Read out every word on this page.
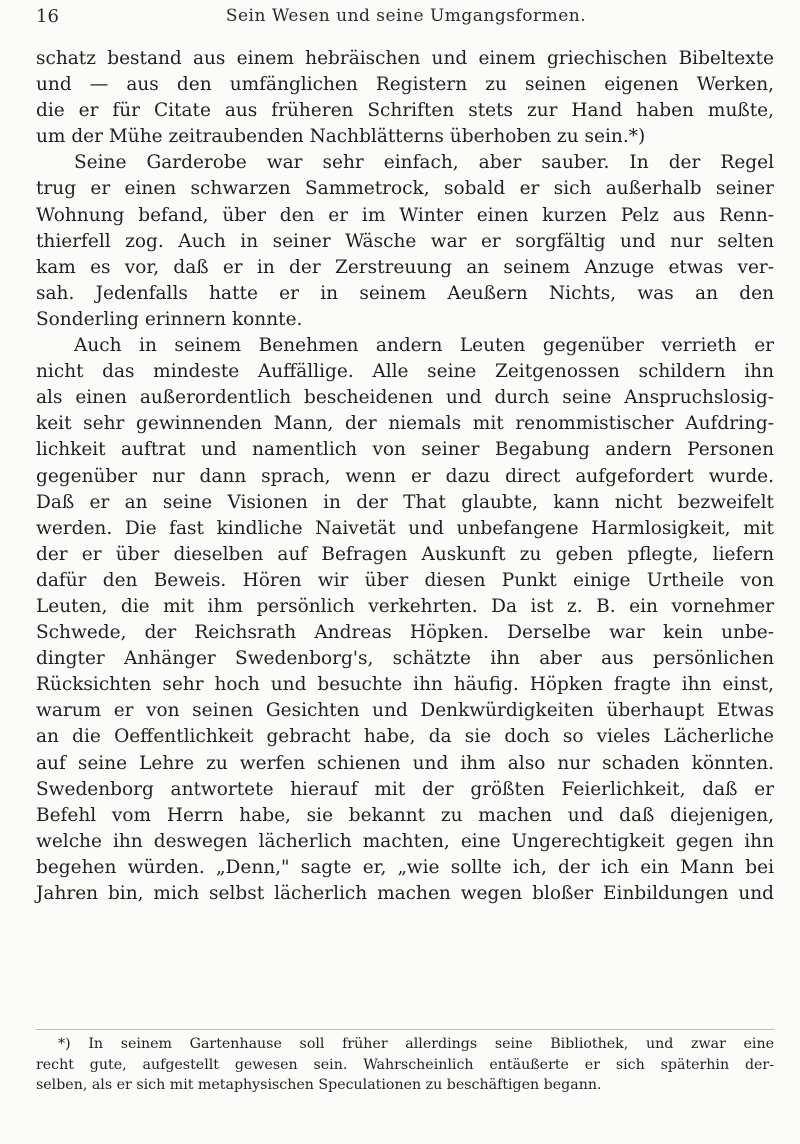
16	Sein Wesen und seine Umgangsformen.
schatz bestand aus einem hebräischen und einem griechischen Bibeltexte
und — aus den umfänglichen Registern zu seinen eigenen Werken,
die er für Citate aus früheren Schriften stets zur Hand haben mußte,
um der Mühe zeitraubenden Nachblätterns überhoben zu sein.*)
Seine Garderobe war sehr einfach, aber sauber. In der Regel
trug er einen schwarzen Sammetrock, sobald er sich außerhalb seiner
Wohnung befand, über den er im Winter einen kurzen Pelz aus Renn-
thierfell zog. Auch in seiner Wäsche war er sorgfältig und nur selten
kam es vor, daß er in der Zerstreuung an seinem Anzuge etwas ver-
sah. Jedenfalls hatte er in seinem Aeußern Nichts, was an den
Sonderling erinnern konnte.
Auch in seinem Benehmen andern Leuten gegenüber verrieth er
nicht das mindeste Auffällige. Alle seine Zeitgenossen schildern ihn
als einen außerordentlich bescheidenen und durch seine Anspruchslosig-
keit sehr gewinnenden Mann, der niemals mit renommistischer Aufdring-
lichkeit auftrat und namentlich von seiner Begabung andern Personen
gegenüber nur dann sprach, wenn er dazu direct aufgefordert wurde.
Daß er an seine Visionen in der That glaubte, kann nicht bezweifelt
werden. Die fast kindliche Naivetät und unbefangene Harmlosigkeit, mit
der er über dieselben auf Befragen Auskunft zu geben pflegte, liefern
dafür den Beweis. Hören wir über diesen Punkt einige Urtheile von
Leuten, die mit ihm persönlich verkehrten. Da ist z. B. ein vornehmer
Schwede, der Reichsrath Andreas Höpken. Derselbe war kein unbe-
dingter Anhänger Swedenborg's, schätzte ihn aber aus persönlichen
Rücksichten sehr hoch und besuchte ihn häufig. Höpken fragte ihn einst,
warum er von seinen Gesichten und Denkwürdigkeiten überhaupt Etwas
an die Oeffentlichkeit gebracht habe, da sie doch so vieles Lächerliche
auf seine Lehre zu werfen schienen und ihm also nur schaden könnten.
Swedenborg antwortete hierauf mit der größten Feierlichkeit, daß er
Befehl vom Herrn habe, sie bekannt zu machen und daß diejenigen,
welche ihn deswegen lächerlich machten, eine Ungerechtigkeit gegen ihn
begehen würden. „Denn," sagte er, „wie sollte ich, der ich ein Mann bei
Jahren bin, mich selbst lächerlich machen wegen bloßer Einbildungen und
*) In seinem Gartenhause soll früher allerdings seine Bibliothek, und zwar eine
recht gute, aufgestellt gewesen sein. Wahrscheinlich entäußerte er sich späterhin der-
selben, als er sich mit metaphysischen Speculationen zu beschäftigen begann.
